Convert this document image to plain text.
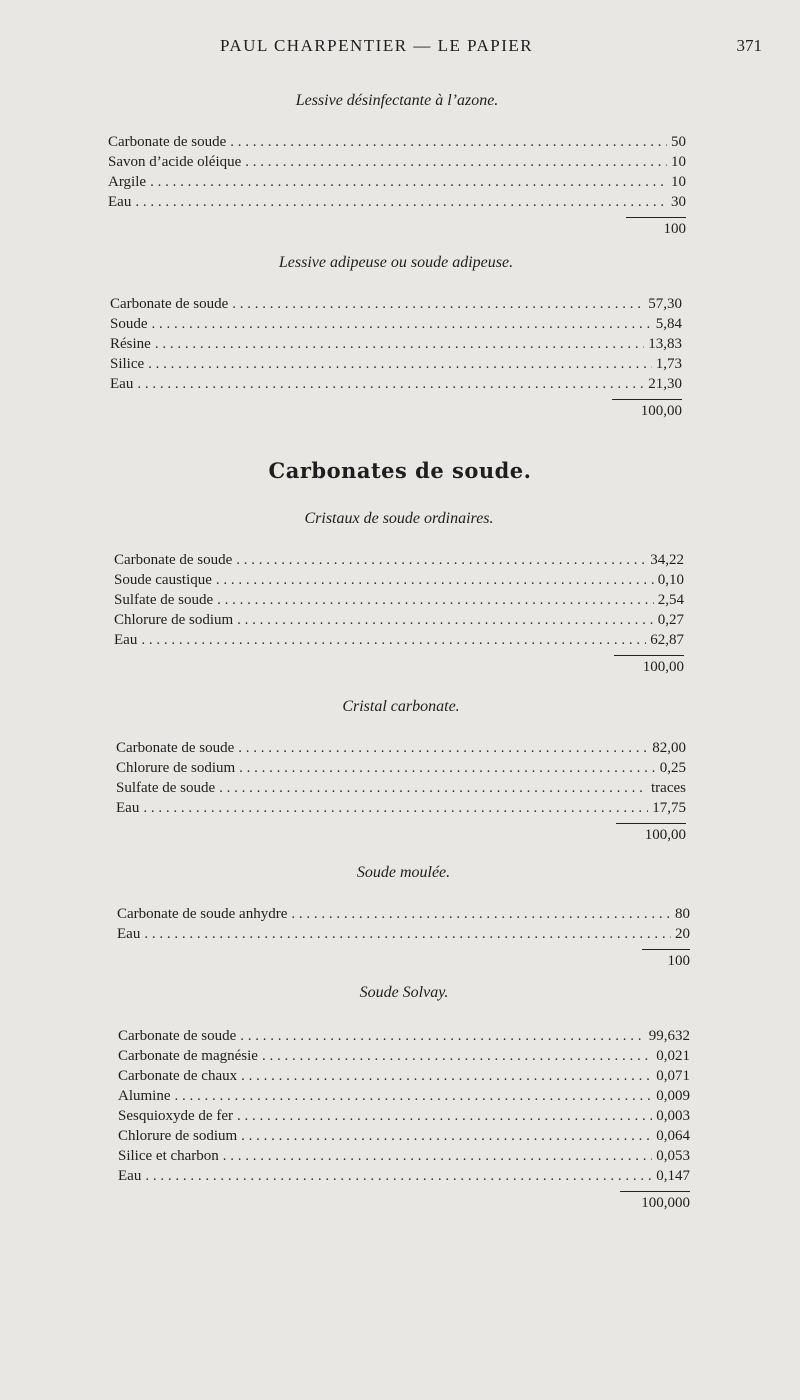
PAUL CHARPENTIER — LE PAPIER	371

Lessive désinfectante à l’azone.

Carbonate de soude . . .	50
Savon d’acide oléique . . .	10
Argile . . .	10
Eau . . .	30
100

Lessive adipeuse ou soude adipeuse.

Carbonate de soude . . .	57,30
Soude . . .	5,84
Résine . . .	13,83
Silice . . .	1,73
Eau . . .	21,30
100,00
Carbonates de soude.

Cristaux de soude ordinaires.

Carbonate de soude . . .	34,22
Soude caustique . . .	0,10
Sulfate de soude . . .	2,54
Chlorure de sodium . . .	0,27
Eau . . .	62,87
100,00

Cristal carbonate.

Carbonate de soude . . .	82,00
Chlorure de sodium . . .	0,25
Sulfate de soude . . .	traces
Eau . . .	17,75
100,00

Soude moulée.

Carbonate de soude anhydre . . .	80
Eau . . .	20
100

Soude Solvay.

Carbonate de soude . . .	99,632
Carbonate de magnésie . . .	0,021
Carbonate de chaux . . .	0,071
Alumine . . .	0,009
Sesquioxyde de fer . . .	0,003
Chlorure de sodium . . .	0,064
Silice et charbon . . .	0,053
Eau . . .	0,147
100,000
